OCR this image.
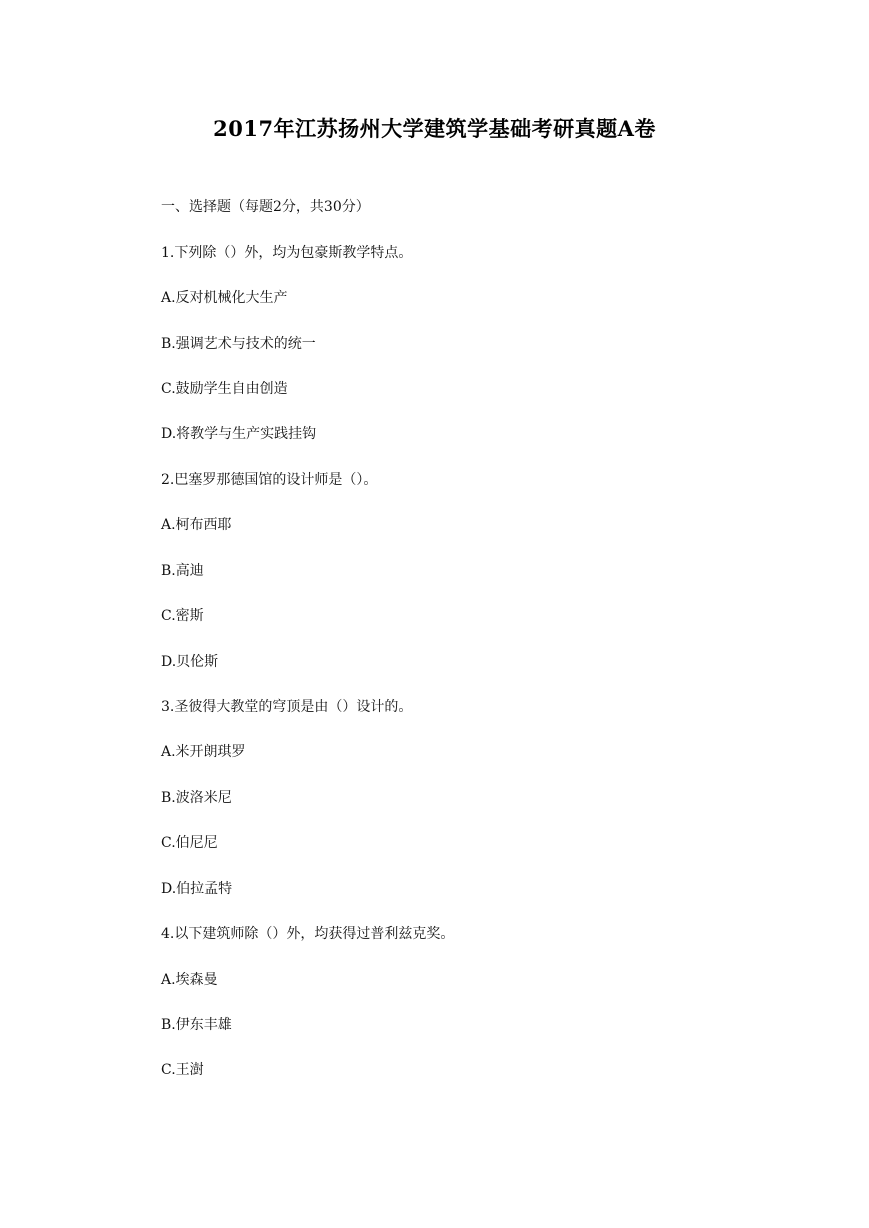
2017年江苏扬州大学建筑学基础考研真题A卷
一、选择题（每题2分，共30分）
1.下列除（）外，均为包豪斯教学特点。
A.反对机械化大生产
B.强调艺术与技术的统一
C.鼓励学生自由创造
D.将教学与生产实践挂钩
2.巴塞罗那德国馆的设计师是（）。
A.柯布西耶
B.高迪
C.密斯
D.贝伦斯
3.圣彼得大教堂的穹顶是由（）设计的。
A.米开朗琪罗
B.波洛米尼
C.伯尼尼
D.伯拉孟特
4.以下建筑师除（）外，均获得过普利兹克奖。
A.埃森曼
B.伊东丰雄
C.王澍
